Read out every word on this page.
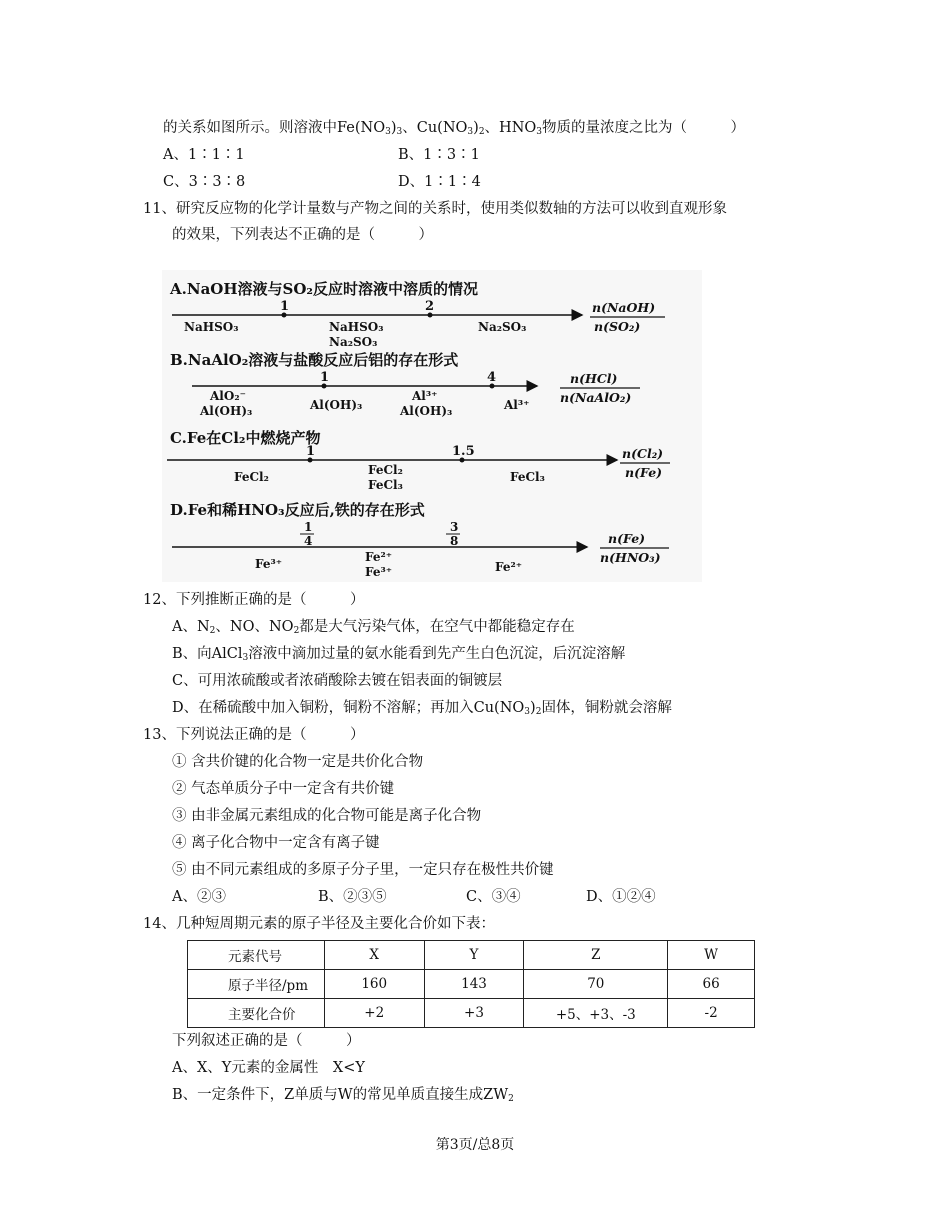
的关系如图所示。则溶液中$Fe(NO_3)_3$、$Cu(NO_3)_2$、$HNO_3$物质的量浓度之比为（　　　）
A、1∶1∶1	B、1∶3∶1
C、3∶3∶8	D、1∶1∶4
11、研究反应物的化学计量数与产物之间的关系时，使用类似数轴的方法可以收到直观形象
的效果，下列表达不正确的是（　　　）
A.NaOH溶液与SO₂反应时溶液中溶质的情况
1	2
NaHSO₃	NaHSO₃
Na₂SO₃
Na₂SO₃
n(NaOH)
n(SO₂)
B.NaAlO₂溶液与盐酸反应后铝的存在形式
1	4
AlO₂⁻
Al(OH)₃	Al(OH)₃
Al³⁺
Al(OH)₃	Al³⁺
n(HCl)
n(NaAlO₂)
C.Fe在Cl₂中燃烧产物
1	1.5
FeCl₂	FeCl₂
FeCl₃
FeCl₃
n(Cl₂)
n(Fe)
D.Fe和稀HNO₃反应后,铁的存在形式
1
4
3
8
Fe³⁺	Fe²⁺
Fe³⁺	Fe²⁺
n(Fe)
n(HNO₃)
12、下列推断正确的是（　　　）
A、$N_2$、NO、$NO_2$都是大气污染气体，在空气中都能稳定存在
B、向AlCl$_3$溶液中滴加过量的氨水能看到先产生白色沉淀，后沉淀溶解
C、可用浓硫酸或者浓硝酸除去镀在铝表面的铜镀层
D、在稀硫酸中加入铜粉，铜粉不溶解；再加入$Cu(NO_3)_2$固体，铜粉就会溶解
13、下列说法正确的是（　　　）
① 含共价键的化合物一定是共价化合物
② 气态单质分子中一定含有共价键
③ 由非金属元素组成的化合物可能是离子化合物
④ 离子化合物中一定含有离子键
⑤ 由不同元素组成的多原子分子里，一定只存在极性共价键
A、②③	B、②③⑤	C、③④	D、①②④
14、几种短周期元素的原子半径及主要化合价如下表：
元素代号	X	Y	Z	W
原子半径/pm	160	143	70	66
主要化合价	+2	+3	+5、+3、-3	-2
下列叙述正确的是（　　　）
A、X、Y元素的金属性　X<Y
B、一定条件下，Z单质与W的常见单质直接生成$ZW_2$
第3页/总8页
